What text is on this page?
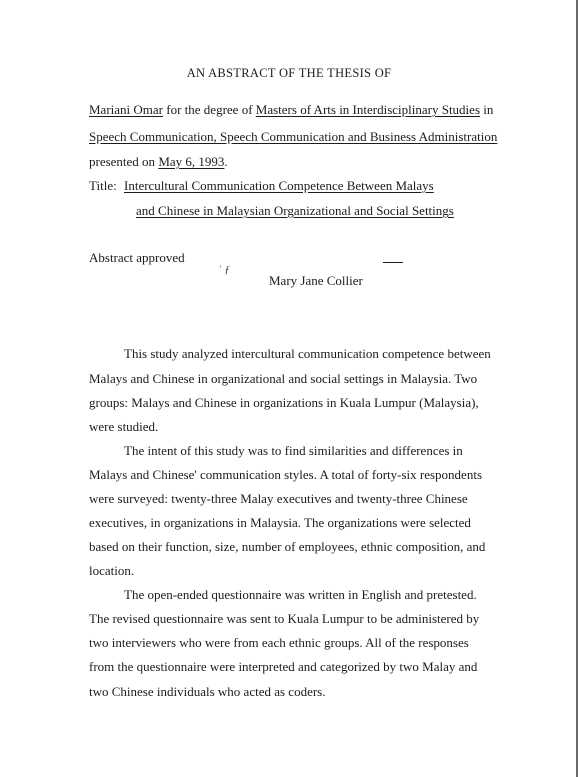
AN ABSTRACT OF THE THESIS OF
Mariani Omar for the degree of Masters of Arts in Interdisciplinary Studies in
Speech Communication, Speech Communication and Business Administration
presented on May 6, 1993.
Title: Intercultural Communication Competence Between Malays
and Chinese in Malaysian Organizational and Social Settings
Abstract approved
ʿ ƒ
Mary Jane Collier
This study analyzed intercultural communication competence between
Malays and Chinese in organizational and social settings in Malaysia. Two
groups: Malays and Chinese in organizations in Kuala Lumpur (Malaysia),
were studied.
The intent of this study was to find similarities and differences in
Malays and Chinese' communication styles. A total of forty-six respondents
were surveyed: twenty-three Malay executives and twenty-three Chinese
executives, in organizations in Malaysia. The organizations were selected
based on their function, size, number of employees, ethnic composition, and
location.
The open-ended questionnaire was written in English and pretested.
The revised questionnaire was sent to Kuala Lumpur to be administered by
two interviewers who were from each ethnic groups. All of the responses
from the questionnaire were interpreted and categorized by two Malay and
two Chinese individuals who acted as coders.
